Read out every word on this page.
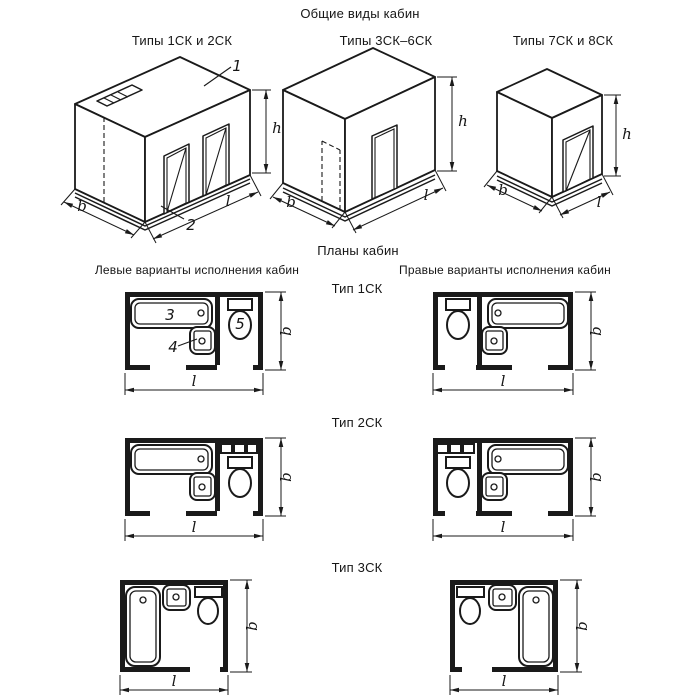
Общие виды кабин
Типы 1СК и 2СК	Типы 3СК–6СК	Типы 7СК и 8СК
Планы кабин
Левые варианты исполнения кабин	Правые варианты исполнения кабин
Тип 1СК
Тип 2СК
Тип 3СК
1
2
b	l
h
b	l
h
b
l
h
3
4
5 b
l
b
l
b
l
b
l
b
l
b
l
